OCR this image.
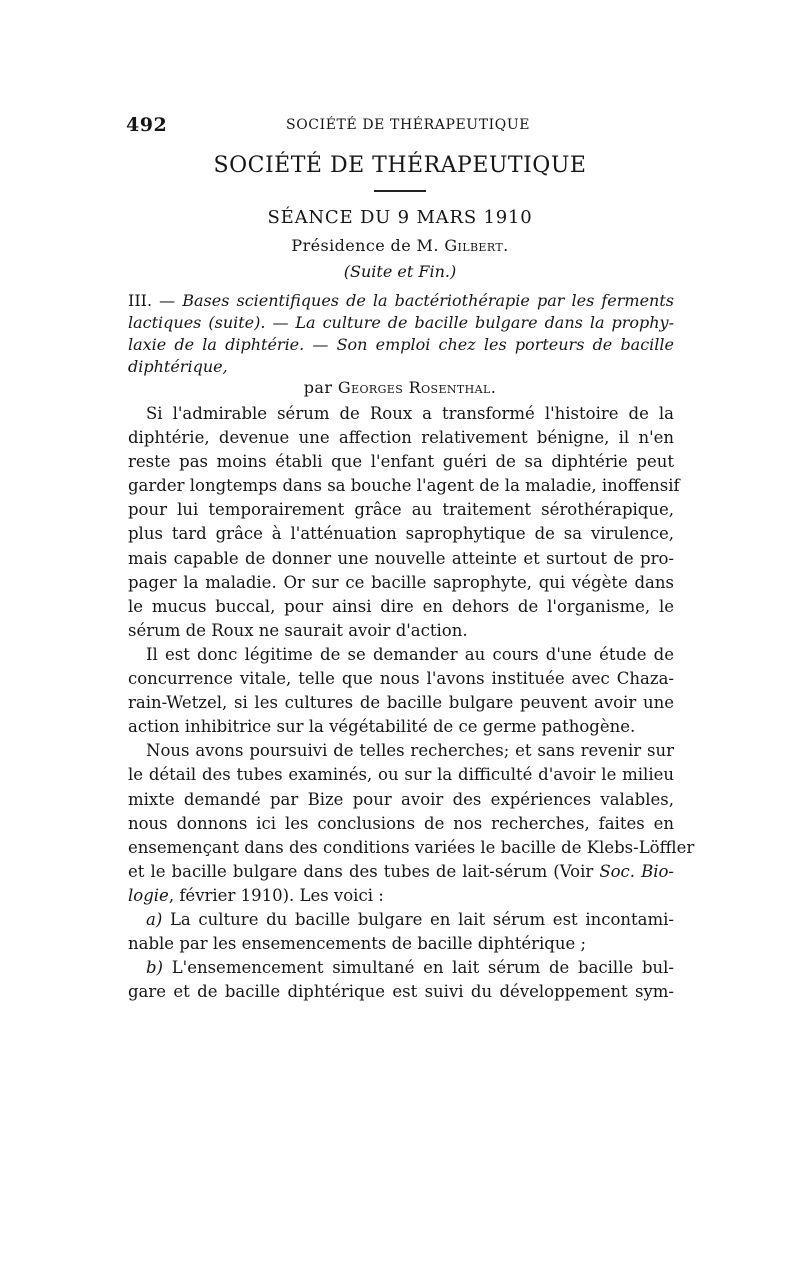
492	SOCIÉTÉ DE THÉRAPEUTIQUE
SOCIÉTÉ DE THÉRAPEUTIQUE
SÉANCE DU 9 MARS 1910
Présidence de M. Gilbert.
(Suite et Fin.)
III. — Bases scientifiques de la bactériothérapie par les ferments
lactiques (suite). — La culture de bacille bulgare dans la prophy-
laxie de la diphtérie. — Son emploi chez les porteurs de bacille
diphtérique,
par Georges Rosenthal.
Si l'admirable sérum de Roux a transformé l'histoire de la
diphtérie, devenue une affection relativement bénigne, il n'en
reste pas moins établi que l'enfant guéri de sa diphtérie peut
garder longtemps dans sa bouche l'agent de la maladie, inoffensif
pour lui temporairement grâce au traitement sérothérapique,
plus tard grâce à l'atténuation saprophytique de sa virulence,
mais capable de donner une nouvelle atteinte et surtout de pro-
pager la maladie. Or sur ce bacille saprophyte, qui végète dans
le mucus buccal, pour ainsi dire en dehors de l'organisme, le
sérum de Roux ne saurait avoir d'action.
Il est donc légitime de se demander au cours d'une étude de
concurrence vitale, telle que nous l'avons instituée avec Chaza-
rain-Wetzel, si les cultures de bacille bulgare peuvent avoir une
action inhibitrice sur la végétabilité de ce germe pathogène.
Nous avons poursuivi de telles recherches; et sans revenir sur
le détail des tubes examinés, ou sur la difficulté d'avoir le milieu
mixte demandé par Bize pour avoir des expériences valables,
nous donnons ici les conclusions de nos recherches, faites en
ensemençant dans des conditions variées le bacille de Klebs-Löffler
et le bacille bulgare dans des tubes de lait-sérum (Voir Soc. Bio-
logie, février 1910). Les voici :
a) La culture du bacille bulgare en lait sérum est incontami-
nable par les ensemencements de bacille diphtérique ;
b) L'ensemencement simultané en lait sérum de bacille bul-
gare et de bacille diphtérique est suivi du développement sym-
